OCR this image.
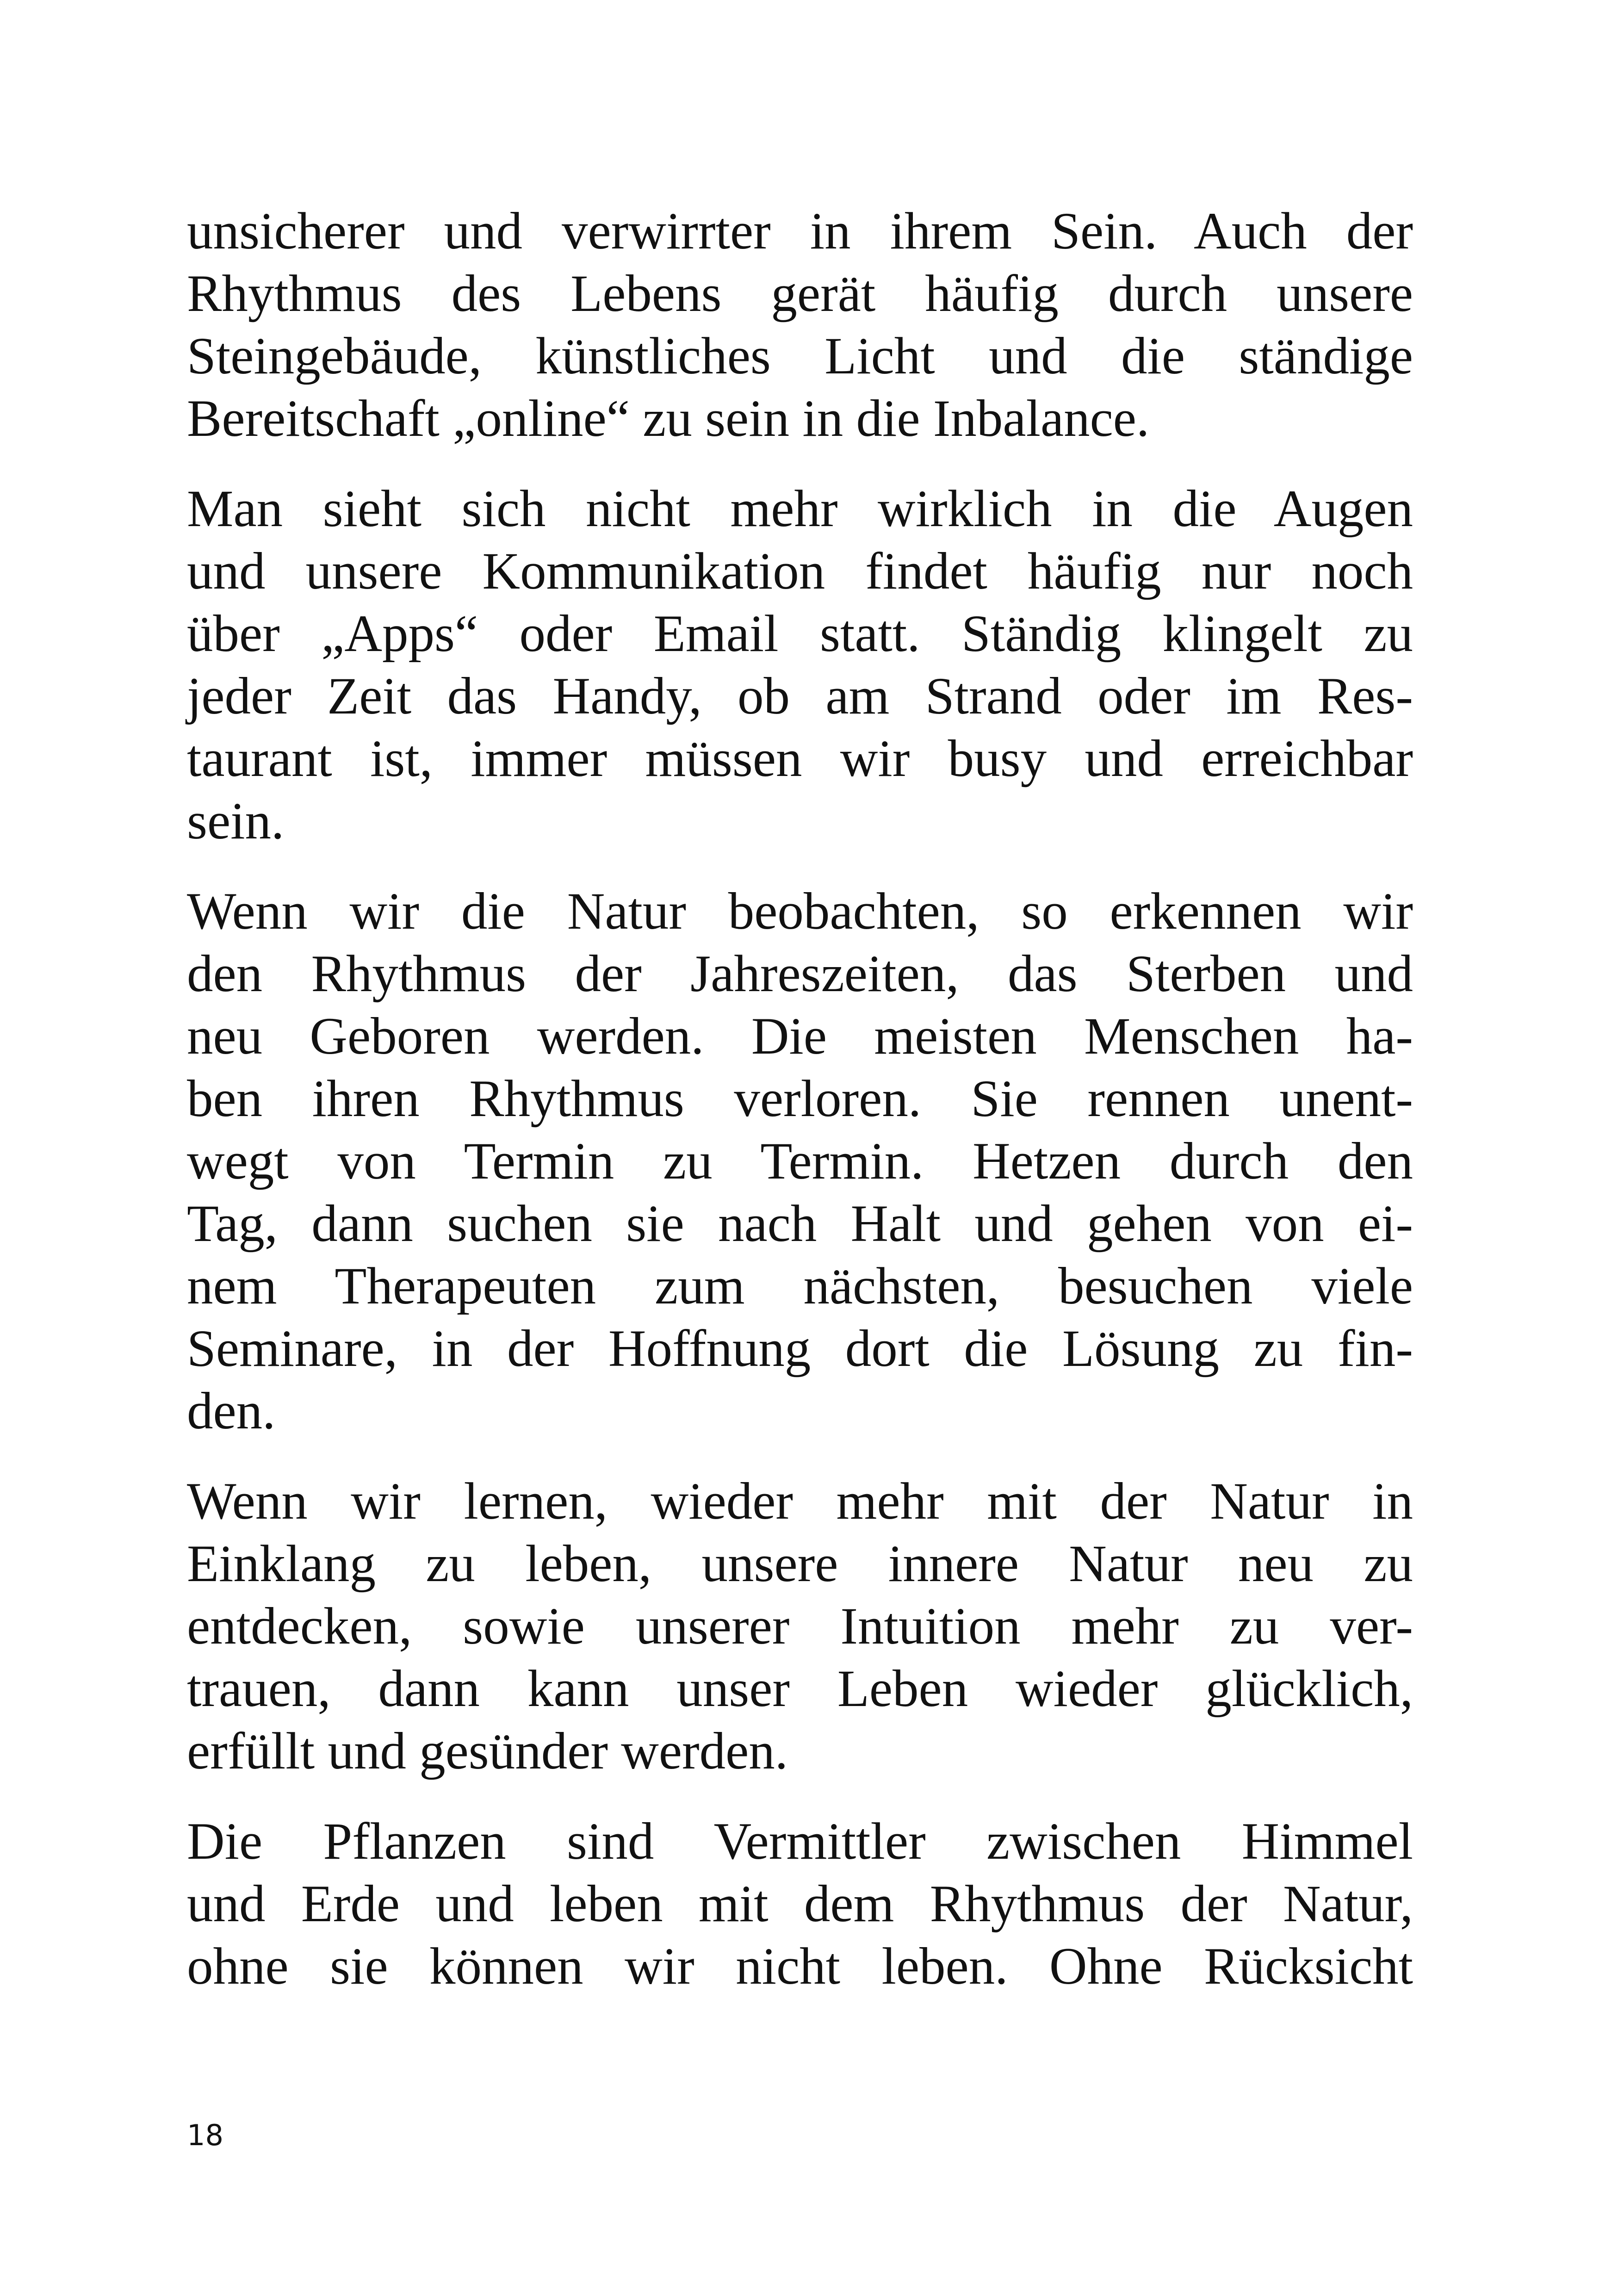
unsicherer und verwirrter in ihrem Sein. Auch der
Rhythmus des Lebens gerät häufig durch unsere
Steingebäude, künstliches Licht und die ständige
Bereitschaft „online“ zu sein in die Inbalance.
Man sieht sich nicht mehr wirklich in die Augen
und unsere Kommunikation findet häufig nur noch
über „Apps“ oder Email statt. Ständig klingelt zu
jeder Zeit das Handy, ob am Strand oder im Res-
taurant ist, immer müssen wir busy und erreichbar
sein.
Wenn wir die Natur beobachten, so erkennen wir
den Rhythmus der Jahreszeiten, das Sterben und
neu Geboren werden. Die meisten Menschen ha-
ben ihren Rhythmus verloren. Sie rennen unent-
wegt von Termin zu Termin. Hetzen durch den
Tag, dann suchen sie nach Halt und gehen von ei-
nem Therapeuten zum nächsten, besuchen viele
Seminare, in der Hoffnung dort die Lösung zu fin-
den.
Wenn wir lernen, wieder mehr mit der Natur in
Einklang zu leben, unsere innere Natur neu zu
entdecken, sowie unserer Intuition mehr zu ver-
trauen, dann kann unser Leben wieder glücklich,
erfüllt und gesünder werden.
Die Pflanzen sind Vermittler zwischen Himmel
und Erde und leben mit dem Rhythmus der Natur,
ohne sie können wir nicht leben. Ohne Rücksicht
18
